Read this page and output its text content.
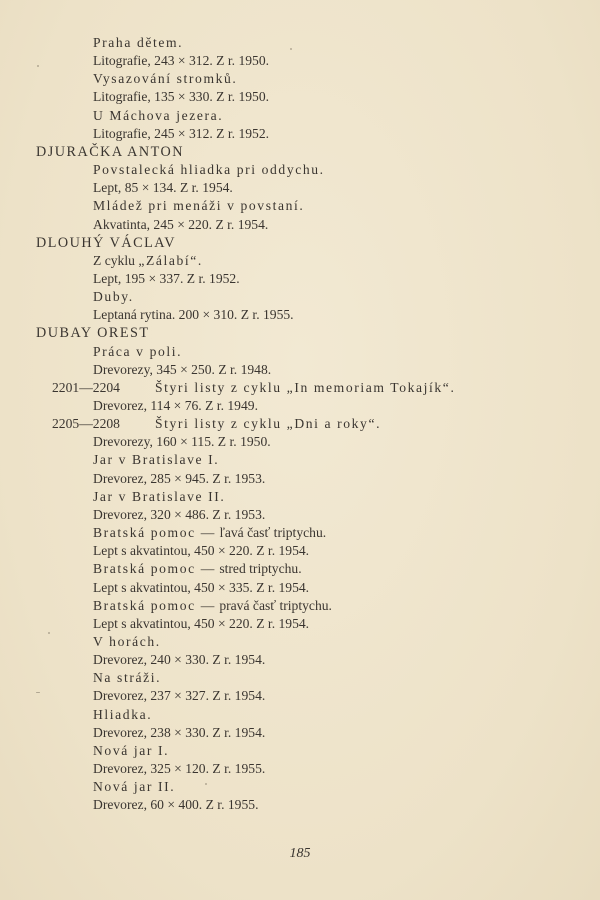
Praha dětem.
Litografie, 243 × 312. Z r. 1950.
Vysazování stromků.
Litografie, 135 × 330. Z r. 1950.
U Máchova jezera.
Litografie, 245 × 312. Z r. 1952.
DJURAČKA ANTON
Povstalecká hliadka pri oddychu.
Lept, 85 × 134. Z r. 1954.
Mládež pri menáži v povstaní.
Akvatinta, 245 × 220. Z r. 1954.
DLOUHÝ VÁCLAV
Z cyklu „Zálabí“.
Lept, 195 × 337. Z r. 1952.
Duby.
Leptaná rytina. 200 × 310. Z r. 1955.
DUBAY OREST
Práca v poli.
Drevorezy, 345 × 250. Z r. 1948.
2201—2204	Štyri listy z cyklu „In memoriam Tokajík“.
Drevorez, 114 × 76. Z r. 1949.
2205—2208	Štyri listy z cyklu „Dni a roky“.
Drevorezy, 160 × 115. Z r. 1950.
Jar v Bratislave I.
Drevorez, 285 × 945. Z r. 1953.
Jar v Bratislave II.
Drevorez, 320 × 486. Z r. 1953.
Bratská pomoc — ľavá časť triptychu.
Lept s akvatintou, 450 × 220. Z r. 1954.
Bratská pomoc — stred triptychu.
Lept s akvatintou, 450 × 335. Z r. 1954.
Bratská pomoc — pravá časť triptychu.
Lept s akvatintou, 450 × 220. Z r. 1954.
V horách.
Drevorez, 240 × 330. Z r. 1954.
Na stráži.
Drevorez, 237 × 327. Z r. 1954.
Hliadka.
Drevorez, 238 × 330. Z r. 1954.
Nová jar I.
Drevorez, 325 × 120. Z r. 1955.
Nová jar II.
Drevorez, 60 × 400. Z r. 1955.
185
